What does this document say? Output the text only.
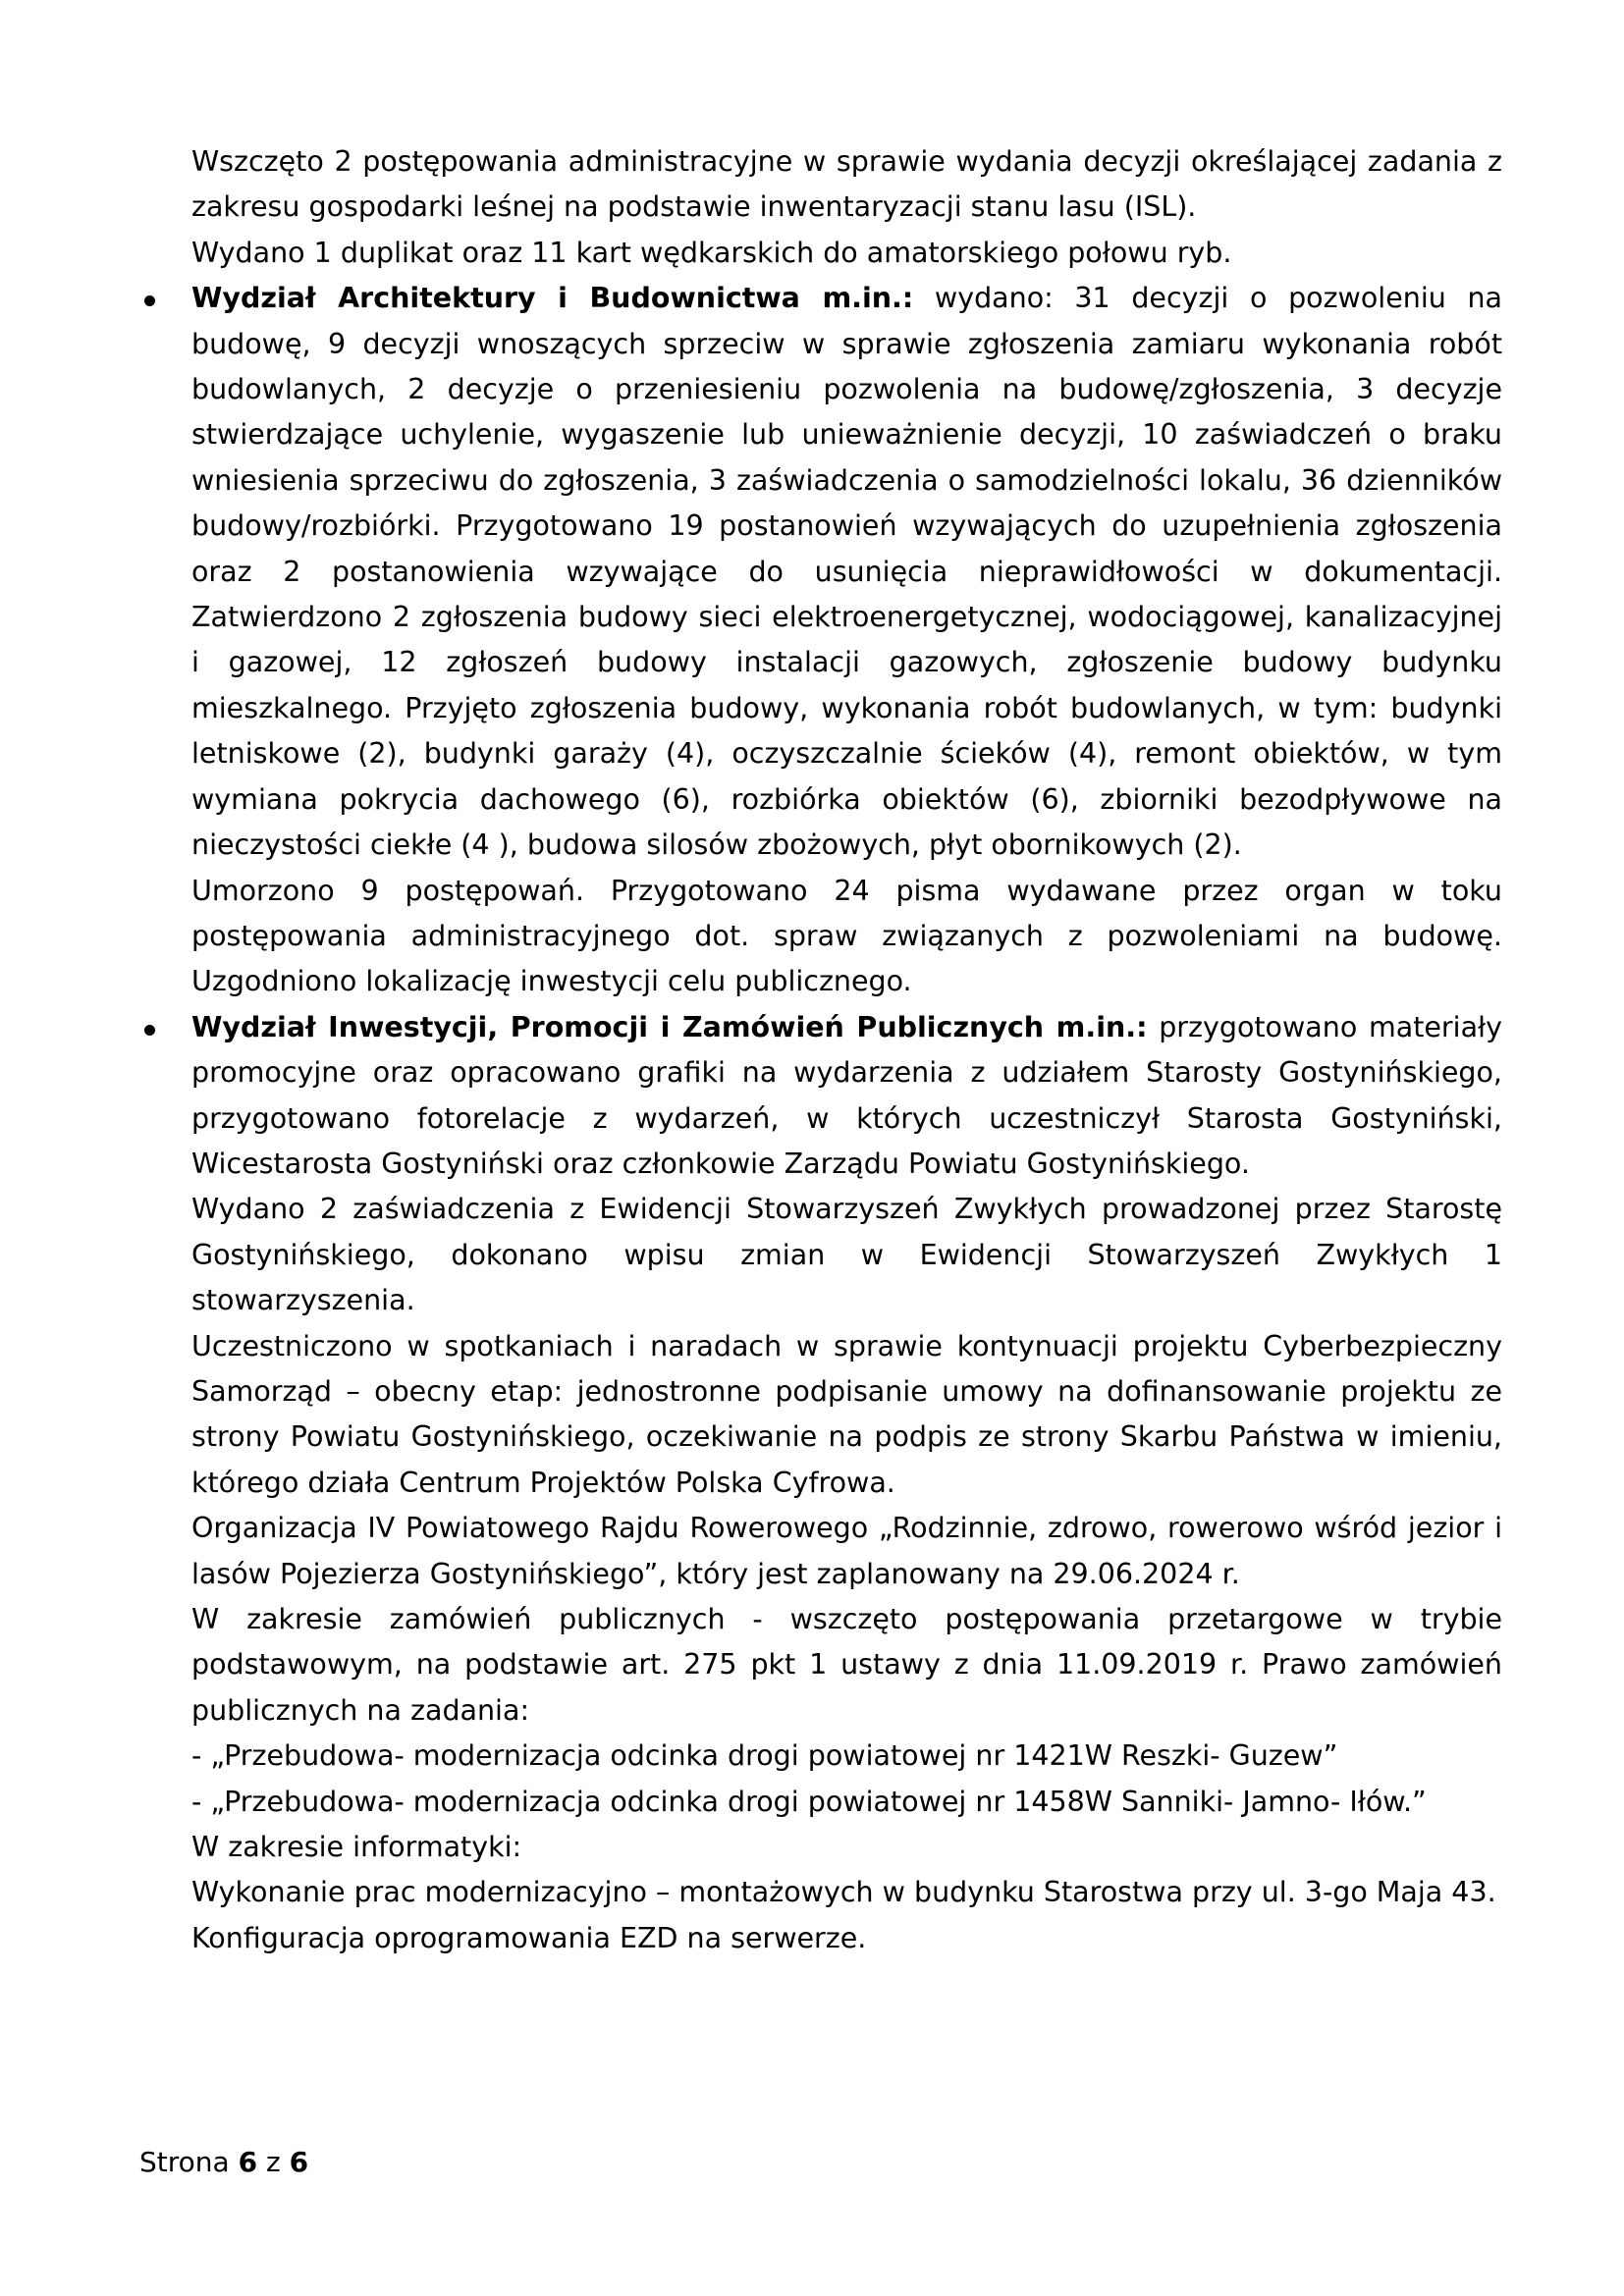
Wszczęto 2 postępowania administracyjne w sprawie wydania decyzji określającej zadania z zakresu gospodarki leśnej na podstawie inwentaryzacji stanu lasu (ISL).

Wydano 1 duplikat oraz 11 kart wędkarskich do amatorskiego połowu ryb.

Wydział Architektury i Budownictwa m.in.: wydano: 31 decyzji o pozwoleniu na budowę, 9 decyzji wnoszących sprzeciw w sprawie zgłoszenia zamiaru wykonania robót budowlanych, 2 decyzje o przeniesieniu pozwolenia na budowę/zgłoszenia, 3 decyzje stwierdzające uchylenie, wygaszenie lub unieważnienie decyzji, 10 zaświadczeń o braku wniesienia sprzeciwu do zgłoszenia, 3 zaświadczenia o samodzielności lokalu, 36 dzienników budowy/rozbiórki. Przygotowano 19 postanowień wzywających do uzupełnienia zgłoszenia oraz 2 postanowienia wzywające do usunięcia nieprawidłowości w dokumentacji. Zatwierdzono 2 zgłoszenia budowy sieci elektroenergetycznej, wodociągowej, kanalizacyjnej i gazowej, 12 zgłoszeń budowy instalacji gazowych, zgłoszenie budowy budynku mieszkalnego. Przyjęto zgłoszenia budowy, wykonania robót budowlanych, w tym: budynki letniskowe (2), budynki garaży (4), oczyszczalnie ścieków (4), remont obiektów, w tym wymiana pokrycia dachowego (6), rozbiórka obiektów (6), zbiorniki bezodpływowe na nieczystości ciekłe (4 ), budowa silosów zbożowych, płyt obornikowych (2).

Umorzono 9 postępowań. Przygotowano 24 pisma wydawane przez organ w toku postępowania administracyjnego dot. spraw związanych z pozwoleniami na budowę. Uzgodniono lokalizację inwestycji celu publicznego.

Wydział Inwestycji, Promocji i Zamówień Publicznych m.in.: przygotowano materiały promocyjne oraz opracowano grafiki na wydarzenia z udziałem Starosty Gostynińskiego, przygotowano fotorelacje z wydarzeń, w których uczestniczył Starosta Gostyniński, Wicestarosta Gostyniński oraz członkowie Zarządu Powiatu Gostynińskiego.

Wydano 2 zaświadczenia z Ewidencji Stowarzyszeń Zwykłych prowadzonej przez Starostę Gostynińskiego, dokonano wpisu zmian w Ewidencji Stowarzyszeń Zwykłych 1 stowarzyszenia.

Uczestniczono w spotkaniach i naradach w sprawie kontynuacji projektu Cyberbezpieczny Samorząd – obecny etap: jednostronne podpisanie umowy na dofinansowanie projektu ze strony Powiatu Gostynińskiego, oczekiwanie na podpis ze strony Skarbu Państwa w imieniu, którego działa Centrum Projektów Polska Cyfrowa.

Organizacja IV Powiatowego Rajdu Rowerowego „Rodzinnie, zdrowo, rowerowo wśród jezior i lasów Pojezierza Gostynińskiego”, który jest zaplanowany na 29.06.2024 r.

W zakresie zamówień publicznych - wszczęto postępowania przetargowe w trybie podstawowym, na podstawie art. 275 pkt 1 ustawy z dnia 11.09.2019 r. Prawo zamówień publicznych na zadania:

- „Przebudowa- modernizacja odcinka drogi powiatowej nr 1421W Reszki- Guzew”

- „Przebudowa- modernizacja odcinka drogi powiatowej nr 1458W Sanniki- Jamno- Iłów.”

W zakresie informatyki:

Wykonanie prac modernizacyjno – montażowych w budynku Starostwa przy ul. 3-go Maja 43.

Konfiguracja oprogramowania EZD na serwerze.

Strona 6 z 6
